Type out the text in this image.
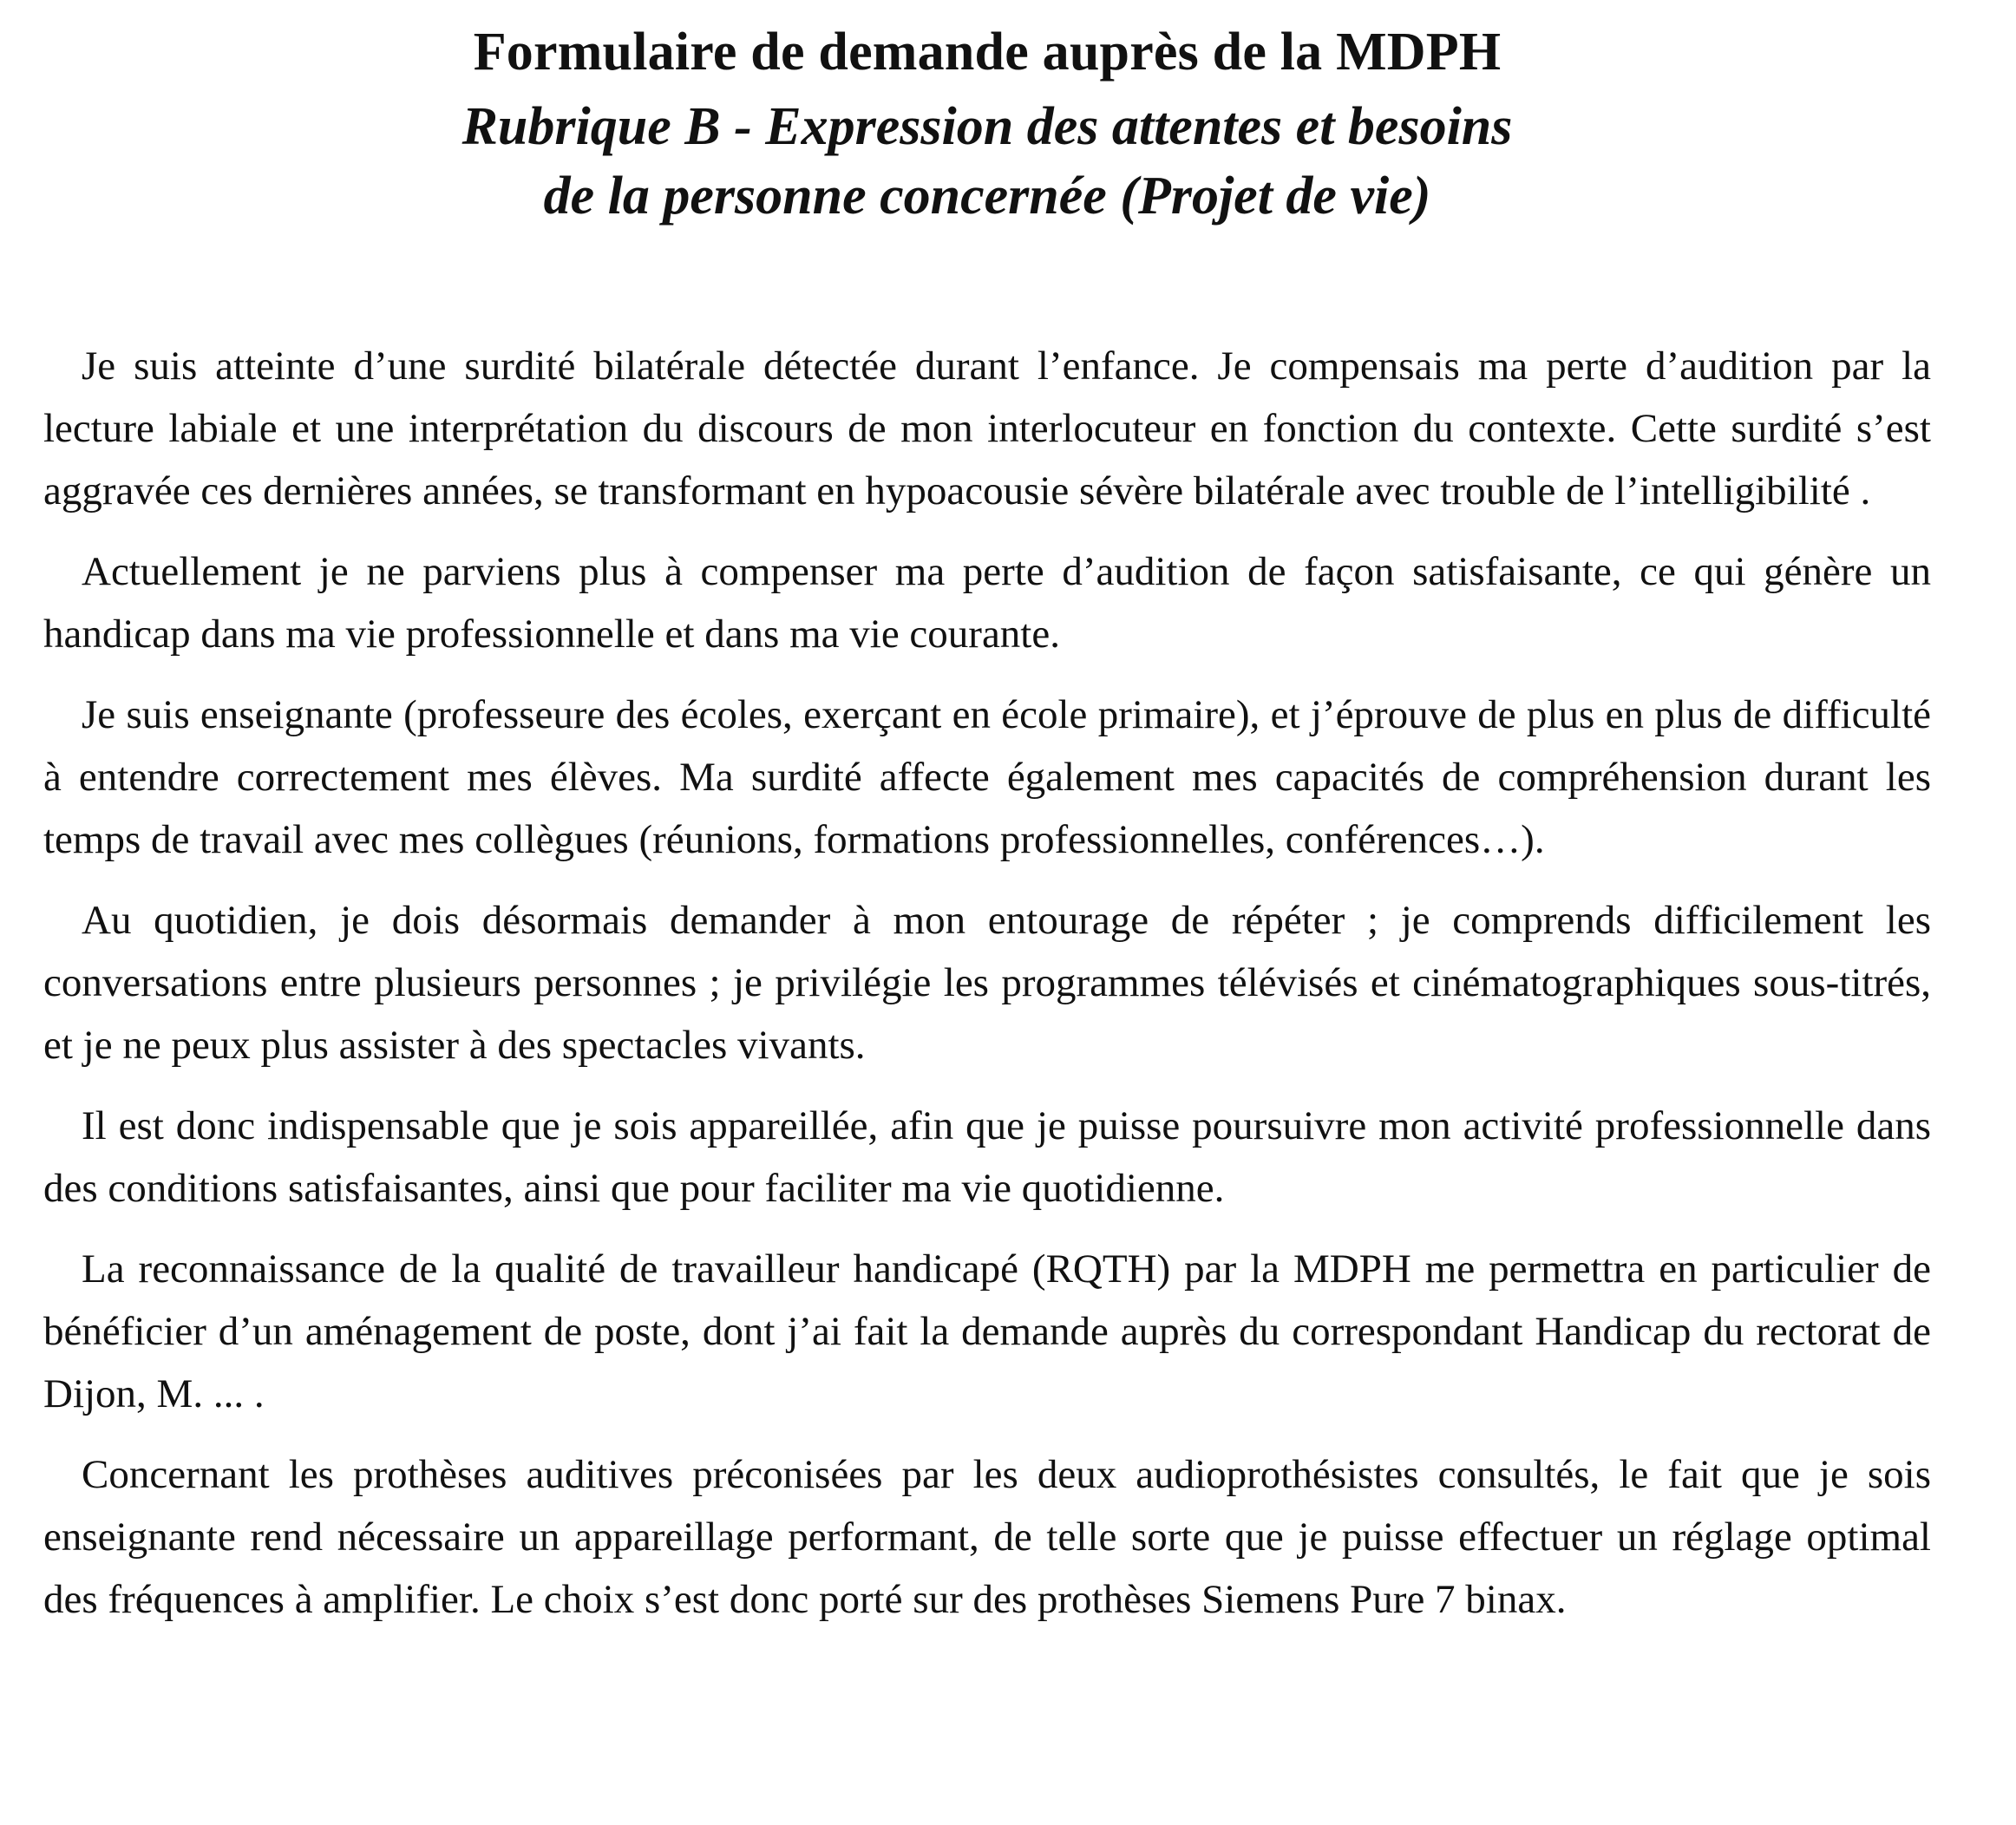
Formulaire de demande auprès de la MDPH
Rubrique B - Expression des attentes et besoins
de la personne concernée (Projet de vie)

Je suis atteinte d’une surdité bilatérale détectée durant l’enfance. Je compensais ma perte d’audition par la lecture labiale et une interprétation du discours de mon interlocuteur en fonction du contexte. Cette surdité s’est aggravée ces dernières années, se transformant en hypoacousie sévère bilatérale avec trouble de l’intelligibilité .

Actuellement je ne parviens plus à compenser ma perte d’audition de façon satisfaisante, ce qui génère un handicap dans ma vie professionnelle et dans ma vie courante.

Je suis enseignante (professeure des écoles, exerçant en école primaire), et j’éprouve de plus en plus de difficulté à entendre correctement mes élèves. Ma surdité affecte également mes capacités de compréhension durant les temps de travail avec mes collègues (réunions, formations professionnelles, conférences…).

Au quotidien, je dois désormais demander à mon entourage de répéter ; je comprends difficilement les conversations entre plusieurs personnes ; je privilégie les programmes télévisés et cinématographiques sous-titrés, et je ne peux plus assister à des spectacles vivants.

Il est donc indispensable que je sois appareillée, afin que je puisse poursuivre mon activité professionnelle dans des conditions satisfaisantes, ainsi que pour faciliter ma vie quotidienne.

La reconnaissance de la qualité de travailleur handicapé (RQTH) par la MDPH me permettra en particulier de bénéficier d’un aménagement de poste, dont j’ai fait la demande auprès du correspondant Handicap du rectorat de Dijon, M. ... .

Concernant les prothèses auditives préconisées par les deux audioprothésistes consultés, le fait que je sois enseignante rend nécessaire un appareillage performant, de telle sorte que je puisse effectuer un réglage optimal des fréquences à amplifier. Le choix s’est donc porté sur des prothèses Siemens Pure 7 binax.
